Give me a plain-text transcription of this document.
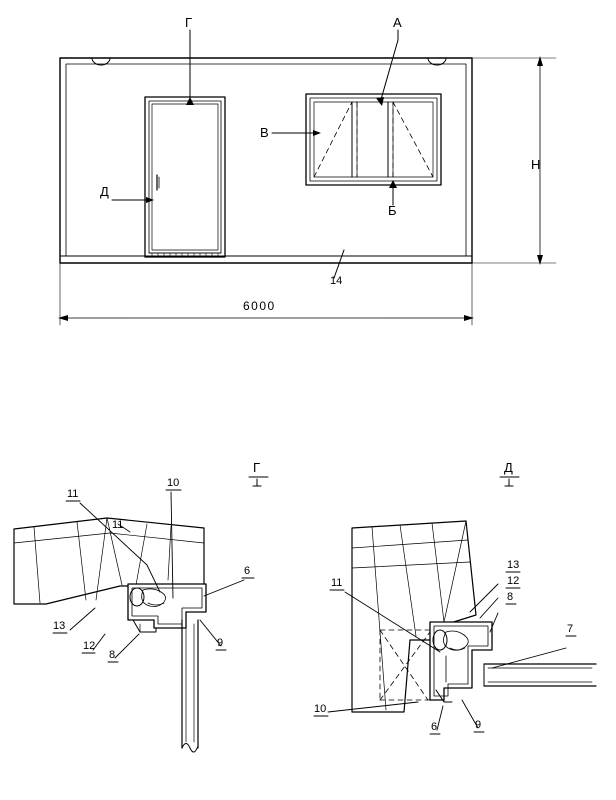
Г	А
В
Д
Б
14
H
6000
Г
11
10
11
6
13
12
8
9
Д
11
13
12
8
7
10
6	9
